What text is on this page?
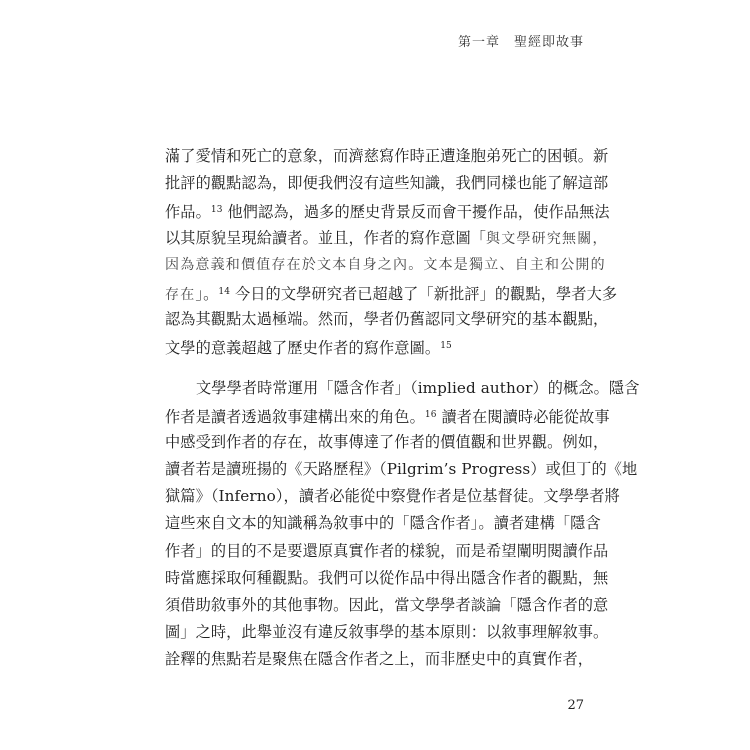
第一章　聖經即故事

滿了愛情和死亡的意象，而濟慈寫作時正遭逢胞弟死亡的困頓。新

批評的觀點認為，即便我們沒有這些知識，我們同樣也能了解這部

作品。$^{13}$ 他們認為，過多的歷史背景反而會干擾作品，使作品無法

以其原貌呈現給讀者。並且，作者的寫作意圖「與文學研究無關，

因為意義和價值存在於文本自身之內。文本是獨立、自主和公開的

存在」。$^{14}$ 今日的文學研究者已超越了「新批評」的觀點，學者大多

認為其觀點太過極端。然而，學者仍舊認同文學研究的基本觀點，

文學的意義超越了歷史作者的寫作意圖。$^{15}$

文學學者時常運用「隱含作者」（implied author）的概念。隱含

作者是讀者透過敘事建構出來的角色。$^{16}$ 讀者在閱讀時必能從故事

中感受到作者的存在，故事傳達了作者的價值觀和世界觀。例如，

讀者若是讀班揚的《天路歷程》（Pilgrim’s Progress）或但丁的《地

獄篇》（Inferno），讀者必能從中察覺作者是位基督徒。文學學者將

這些來自文本的知識稱為敘事中的「隱含作者」。讀者建構「隱含

作者」的目的不是要還原真實作者的樣貌，而是希望闡明閱讀作品

時當應採取何種觀點。我們可以從作品中得出隱含作者的觀點，無

須借助敘事外的其他事物。因此，當文學學者談論「隱含作者的意

圖」之時，此舉並沒有違反敘事學的基本原則：以敘事理解敘事。

詮釋的焦點若是聚焦在隱含作者之上，而非歷史中的真實作者，

27
